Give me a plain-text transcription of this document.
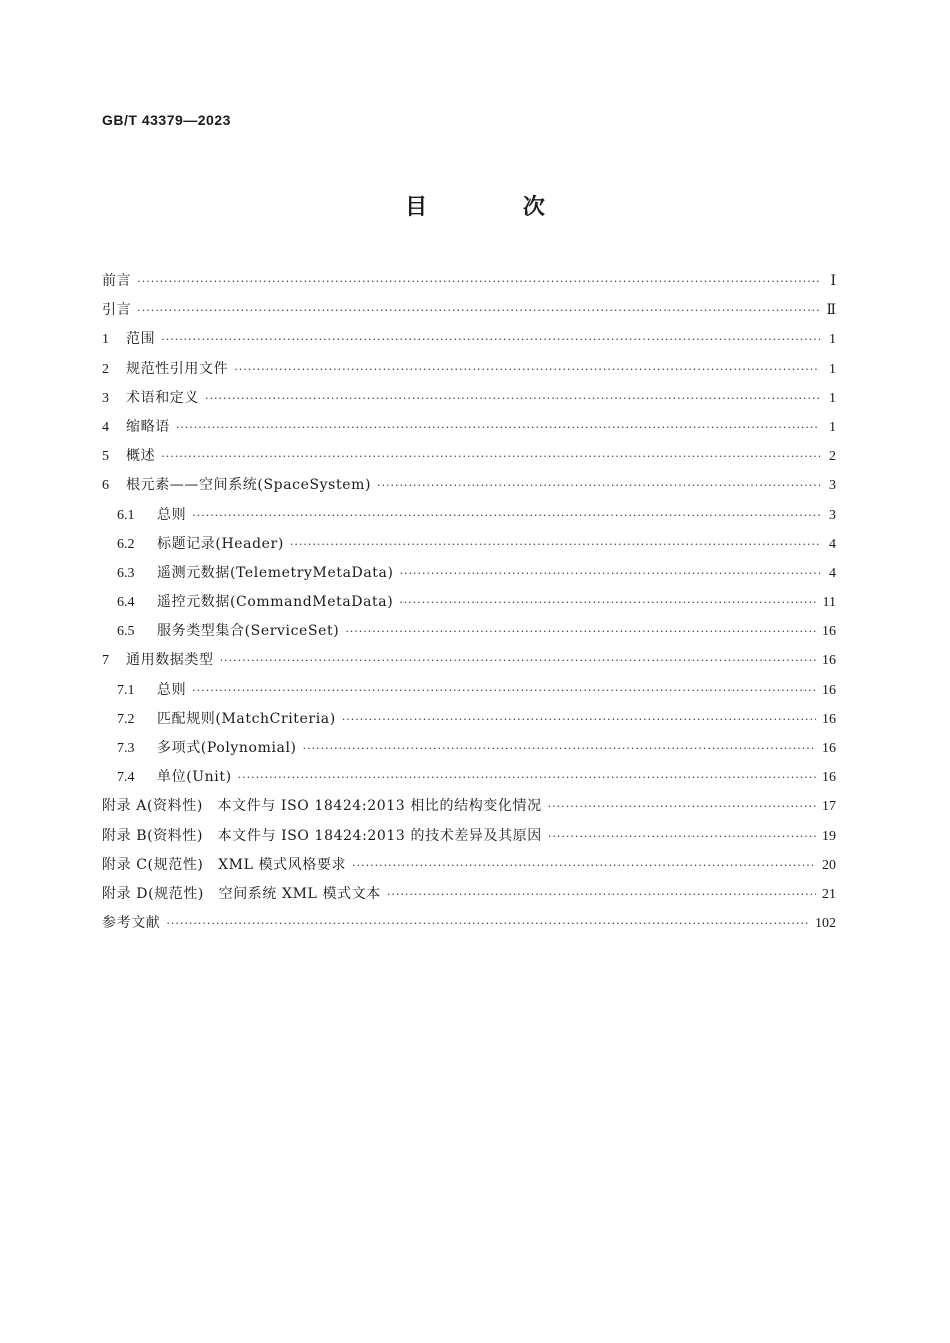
GB/T 43379—2023
目 次
前言 ·····	Ⅰ
引言 ·····	Ⅱ
1	范围 ·····	1
2	规范性引用文件 ·····	1
3	术语和定义 ·····	1
4	缩略语 ·····	1
5	概述 ·····	2
6	根元素——空间系统(SpaceSystem) ·····	3
6.1	总则 ·····	3
6.2	标题记录(Header) ·····	4
6.3	遥测元数据(TelemetryMetaData) ·····	4
6.4	遥控元数据(CommandMetaData) ·····	11
6.5	服务类型集合(ServiceSet) ·····	16
7	通用数据类型 ·····	16
7.1	总则 ·····	16
7.2	匹配规则(MatchCriteria) ·····	16
7.3	多项式(Polynomial) ·····	16
7.4	单位(Unit) ·····	16
附录 A(资料性)　本文件与 ISO 18424:2013 相比的结构变化情况 ·····	17
附录 B(资料性)　本文件与 ISO 18424:2013 的技术差异及其原因 ·····	19
附录 C(规范性)　XML 模式风格要求 ·····	20
附录 D(规范性)　空间系统 XML 模式文本 ·····	21
参考文献 ·····	102
